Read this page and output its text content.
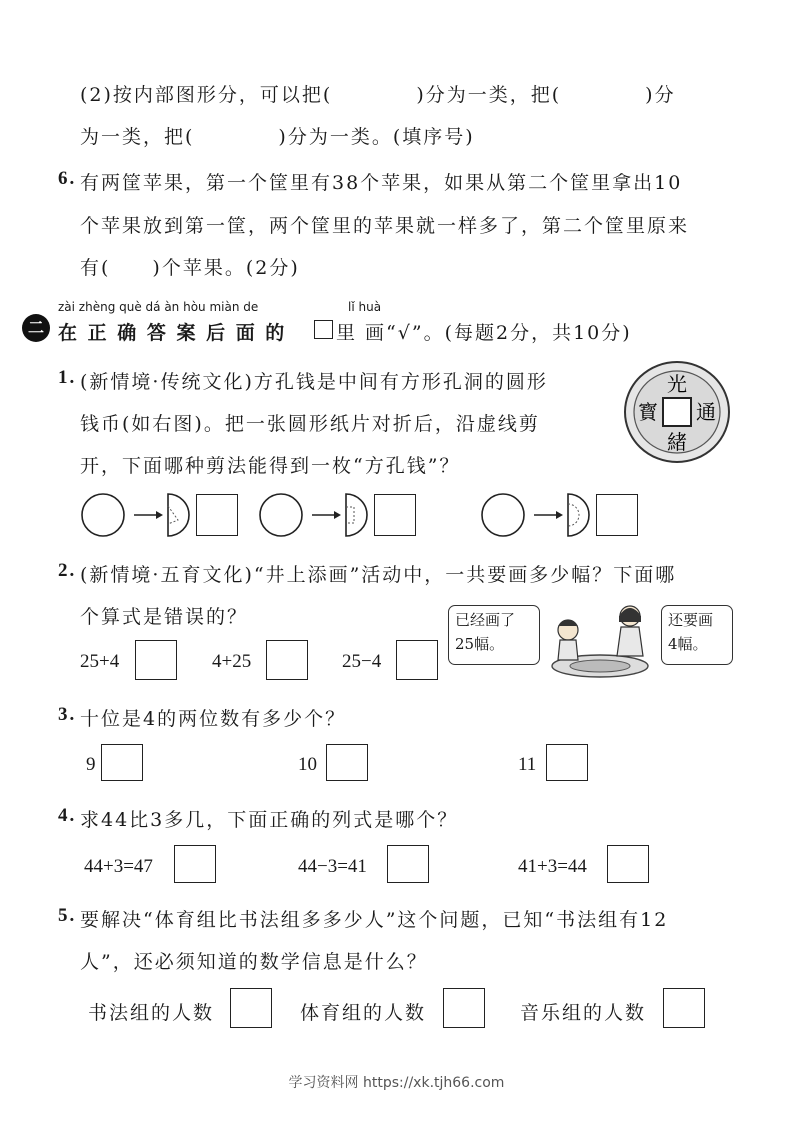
(2)按内部图形分，可以把(　　　　)分为一类，把(　　　　)分
为一类，把(　　　　)分为一类。(填序号)
6. 有两筐苹果，第一个筐里有38个苹果，如果从第二个筐里拿出10
个苹果放到第一筐，两个筐里的苹果就一样多了，第二个筐里原来
有(　　)个苹果。(2分)
二
zài zhèng què dá àn hòu miàn de	lǐ huà
在 正 确 答 案 后 面 的	里 画“√”。(每题2分，共10分)
1. (新情境·传统文化)方孔钱是中间有方形孔洞的圆形
钱币(如右图)。把一张圆形纸片对折后，沿虚线剪
开，下面哪种剪法能得到一枚“方孔钱”？
光
通
緒
寳
2. (新情境·五育文化)“井上添画”活动中，一共要画多少幅？下面哪
个算式是错误的？
25+4	4+25	25−4
已经画了
25幅。
还要画
4幅。
3. 十位是4的两位数有多少个？
9	10	11
4. 求44比3多几，下面正确的列式是哪个？
44+3=47	44−3=41	41+3=44
5. 要解决“体育组比书法组多多少人”这个问题，已知“书法组有12
人”，还必须知道的数学信息是什么？
书法组的人数	体育组的人数	音乐组的人数
学习资料网 https://xk.tjh66.com
